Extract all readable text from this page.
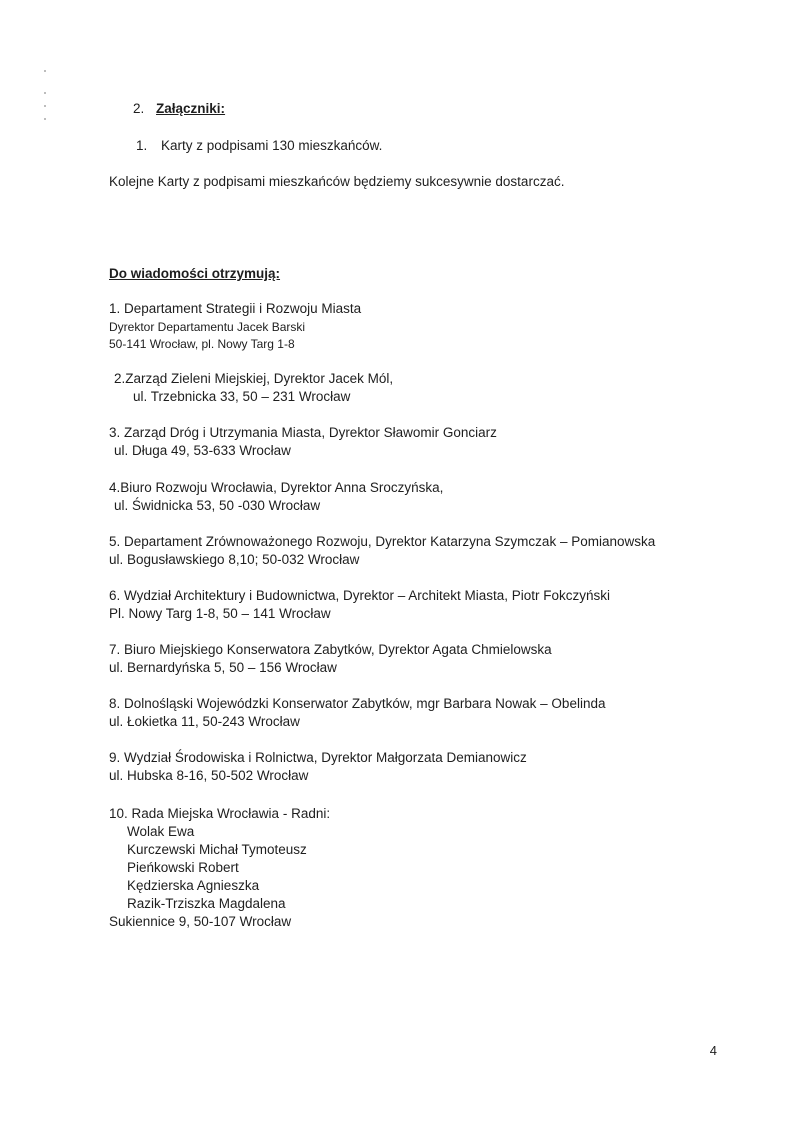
2. Załączniki:
1. Karty z podpisami 130 mieszkańców.
Kolejne Karty z podpisami mieszkańców będziemy sukcesywnie dostarczać.
Do wiadomości otrzymują:
1. Departament Strategii i Rozwoju Miasta
Dyrektor Departamentu Jacek Barski
50-141 Wrocław, pl. Nowy Targ 1-8
2.Zarząd Zieleni Miejskiej, Dyrektor Jacek Mól,
ul. Trzebnicka 33, 50 – 231 Wrocław
3. Zarząd Dróg i Utrzymania Miasta, Dyrektor Sławomir Gonciarz
ul. Długa 49, 53-633 Wrocław
4.Biuro Rozwoju Wrocławia, Dyrektor Anna Sroczyńska,
ul. Świdnicka 53, 50 -030 Wrocław
5. Departament Zrównoważonego Rozwoju, Dyrektor Katarzyna Szymczak – Pomianowska
ul. Bogusławskiego 8,10; 50-032 Wrocław
6. Wydział Architektury i Budownictwa, Dyrektor – Architekt Miasta, Piotr Fokczyński
Pl. Nowy Targ 1-8, 50 – 141 Wrocław
7. Biuro Miejskiego Konserwatora Zabytków, Dyrektor Agata Chmielowska
ul. Bernardyńska 5, 50 – 156 Wrocław
8. Dolnośląski Wojewódzki Konserwator Zabytków, mgr Barbara Nowak – Obelinda
ul. Łokietka 11, 50-243 Wrocław
9. Wydział Środowiska i Rolnictwa, Dyrektor Małgorzata Demianowicz
ul. Hubska 8-16, 50-502 Wrocław
10. Rada Miejska Wrocławia - Radni:
Wolak Ewa
Kurczewski Michał Tymoteusz
Pieńkowski Robert
Kędzierska Agnieszka
Razik-Trziszka Magdalena
Sukiennice 9, 50-107 Wrocław
4
